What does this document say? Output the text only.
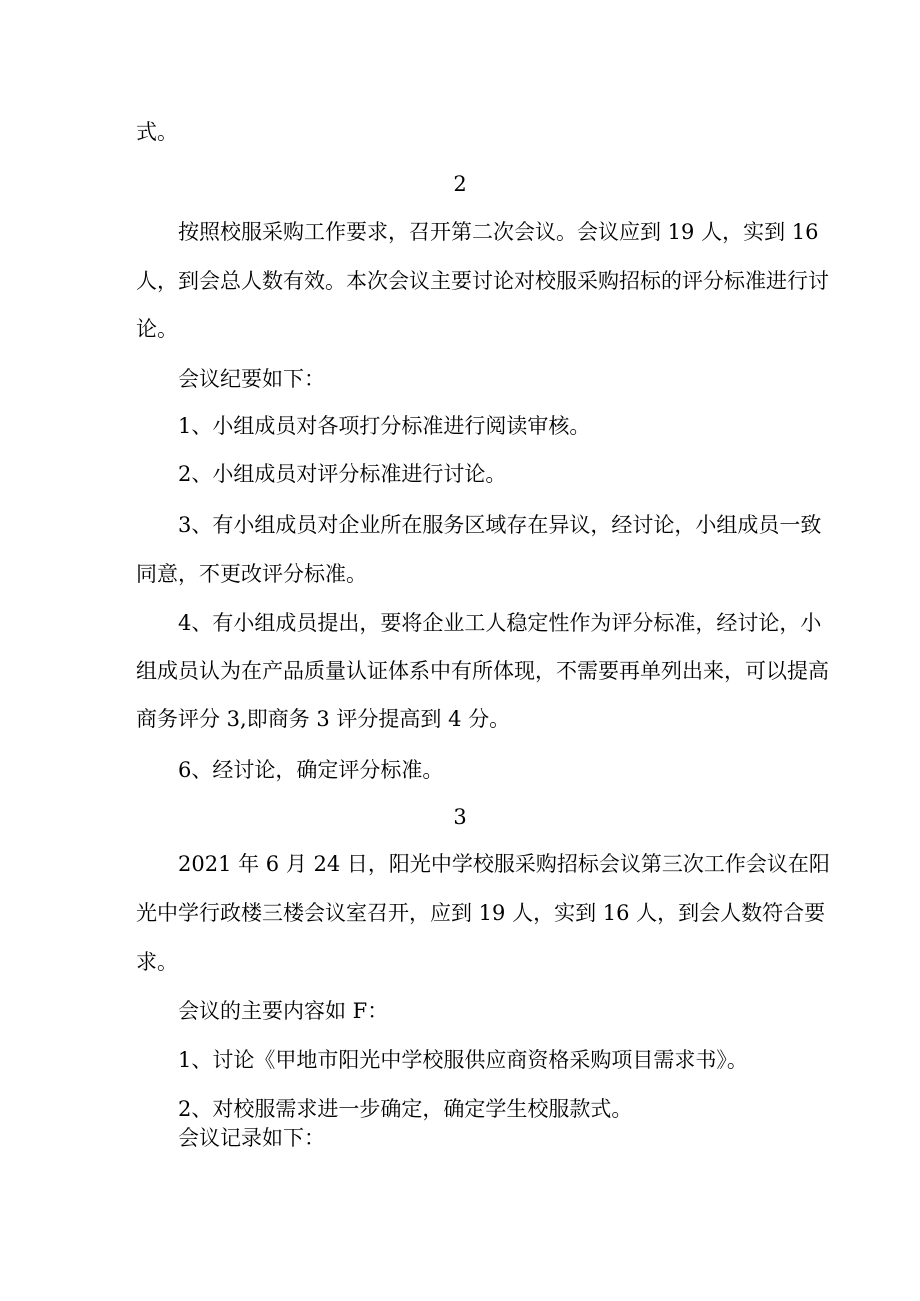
式。

2

按照校服采购工作要求，召开第二次会议。会议应到 19 人，实到 16

人，到会总人数有效。本次会议主要讨论对校服采购招标的评分标准进行讨

论。

会议纪要如下：

1、小组成员对各项打分标准进行阅读审核。

2、小组成员对评分标准进行讨论。

3、有小组成员对企业所在服务区域存在异议，经讨论，小组成员一致

同意，不更改评分标准。

4、有小组成员提出，要将企业工人稳定性作为评分标准，经讨论，小

组成员认为在产品质量认证体系中有所体现，不需要再单列出来，可以提高

商务评分 3,即商务 3 评分提高到 4 分。

6、经讨论，确定评分标准。

3

2021 年 6 月 24 日，阳光中学校服采购招标会议第三次工作会议在阳

光中学行政楼三楼会议室召开，应到 19 人，实到 16 人，到会人数符合要

求。

会议的主要内容如 F：

1、讨论《甲地市阳光中学校服供应商资格采购项目需求书》。

2、对校服需求进一步确定，确定学生校服款式。

会议记录如下：
